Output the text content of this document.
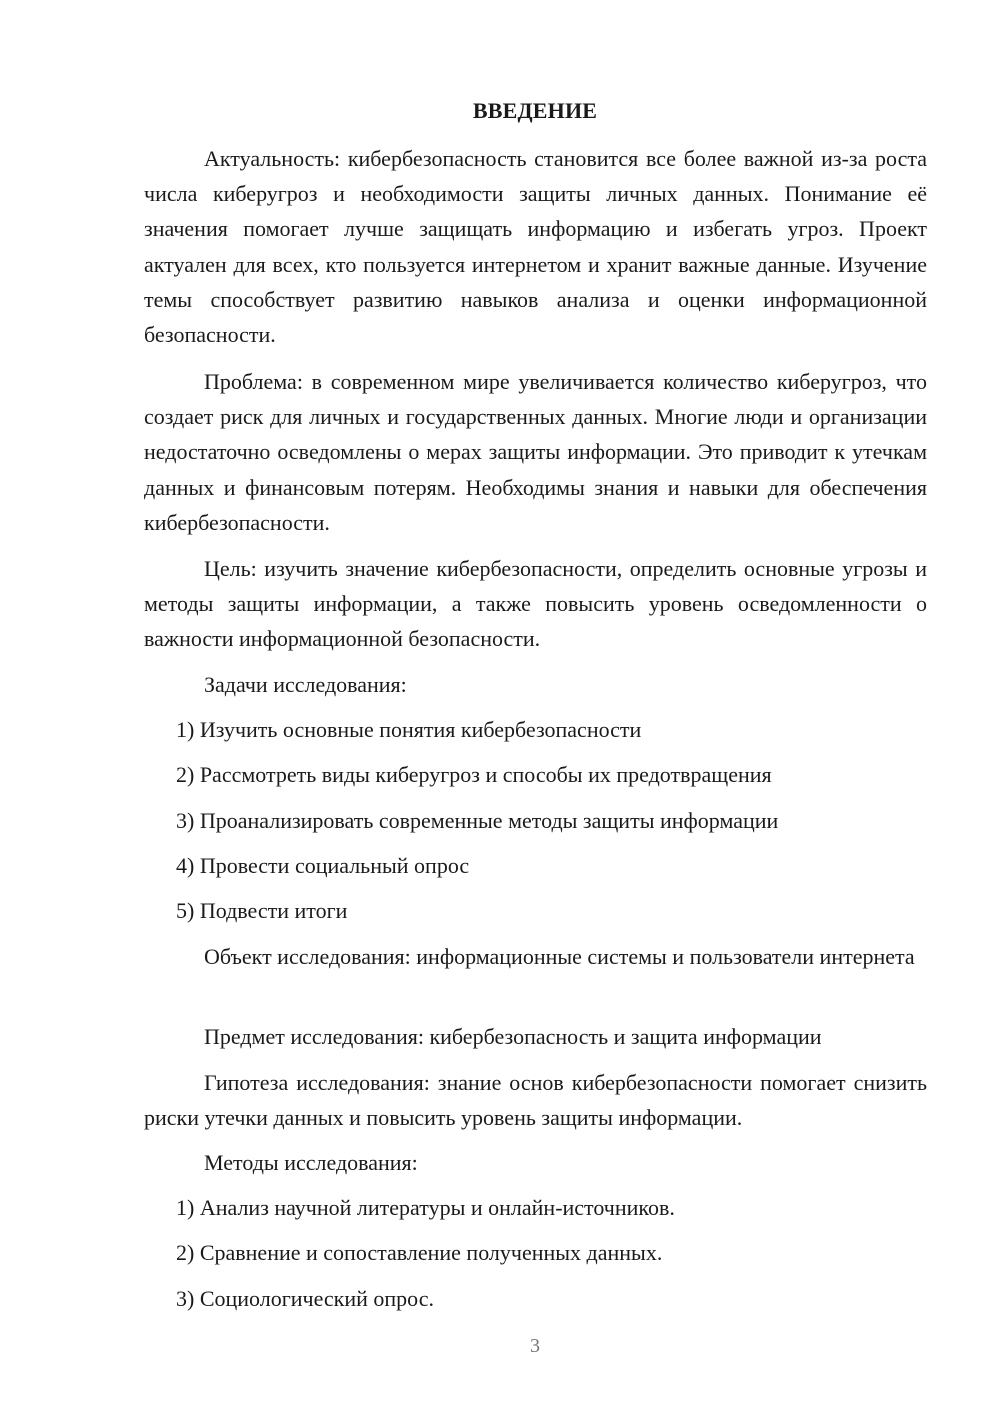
ВВЕДЕНИЕ

Актуальность: кибербезопасность становится все более важной из-за роста числа киберугроз и необходимости защиты личных данных. Понимание её значения помогает лучше защищать информацию и избегать угроз. Проект актуален для всех, кто пользуется интернетом и хранит важные данные. Изучение темы способствует развитию навыков анализа и оценки информационной безопасности.

Проблема: в современном мире увеличивается количество киберугроз, что создает риск для личных и государственных данных. Многие люди и организации недостаточно осведомлены о мерах защиты информации. Это приводит к утечкам данных и финансовым потерям. Необходимы знания и навыки для обеспечения кибербезопасности.

Цель: изучить значение кибербезопасности, определить основные угрозы и методы защиты информации, а также повысить уровень осведомленности о важности информационной безопасности.

Задачи исследования:
1) Изучить основные понятия кибербезопасности
2) Рассмотреть виды киберугроз и способы их предотвращения
3) Проанализировать современные методы защиты информации
4) Провести социальный опрос
5) Подвести итоги

Объект исследования: информационные системы и пользователи интернета

Предмет исследования: кибербезопасность и защита информации

Гипотеза исследования: знание основ кибербезопасности помогает снизить риски утечки данных и повысить уровень защиты информации.

Методы исследования:
1) Анализ научной литературы и онлайн-источников.
2) Сравнение и сопоставление полученных данных.
3) Социологический опрос.
3
